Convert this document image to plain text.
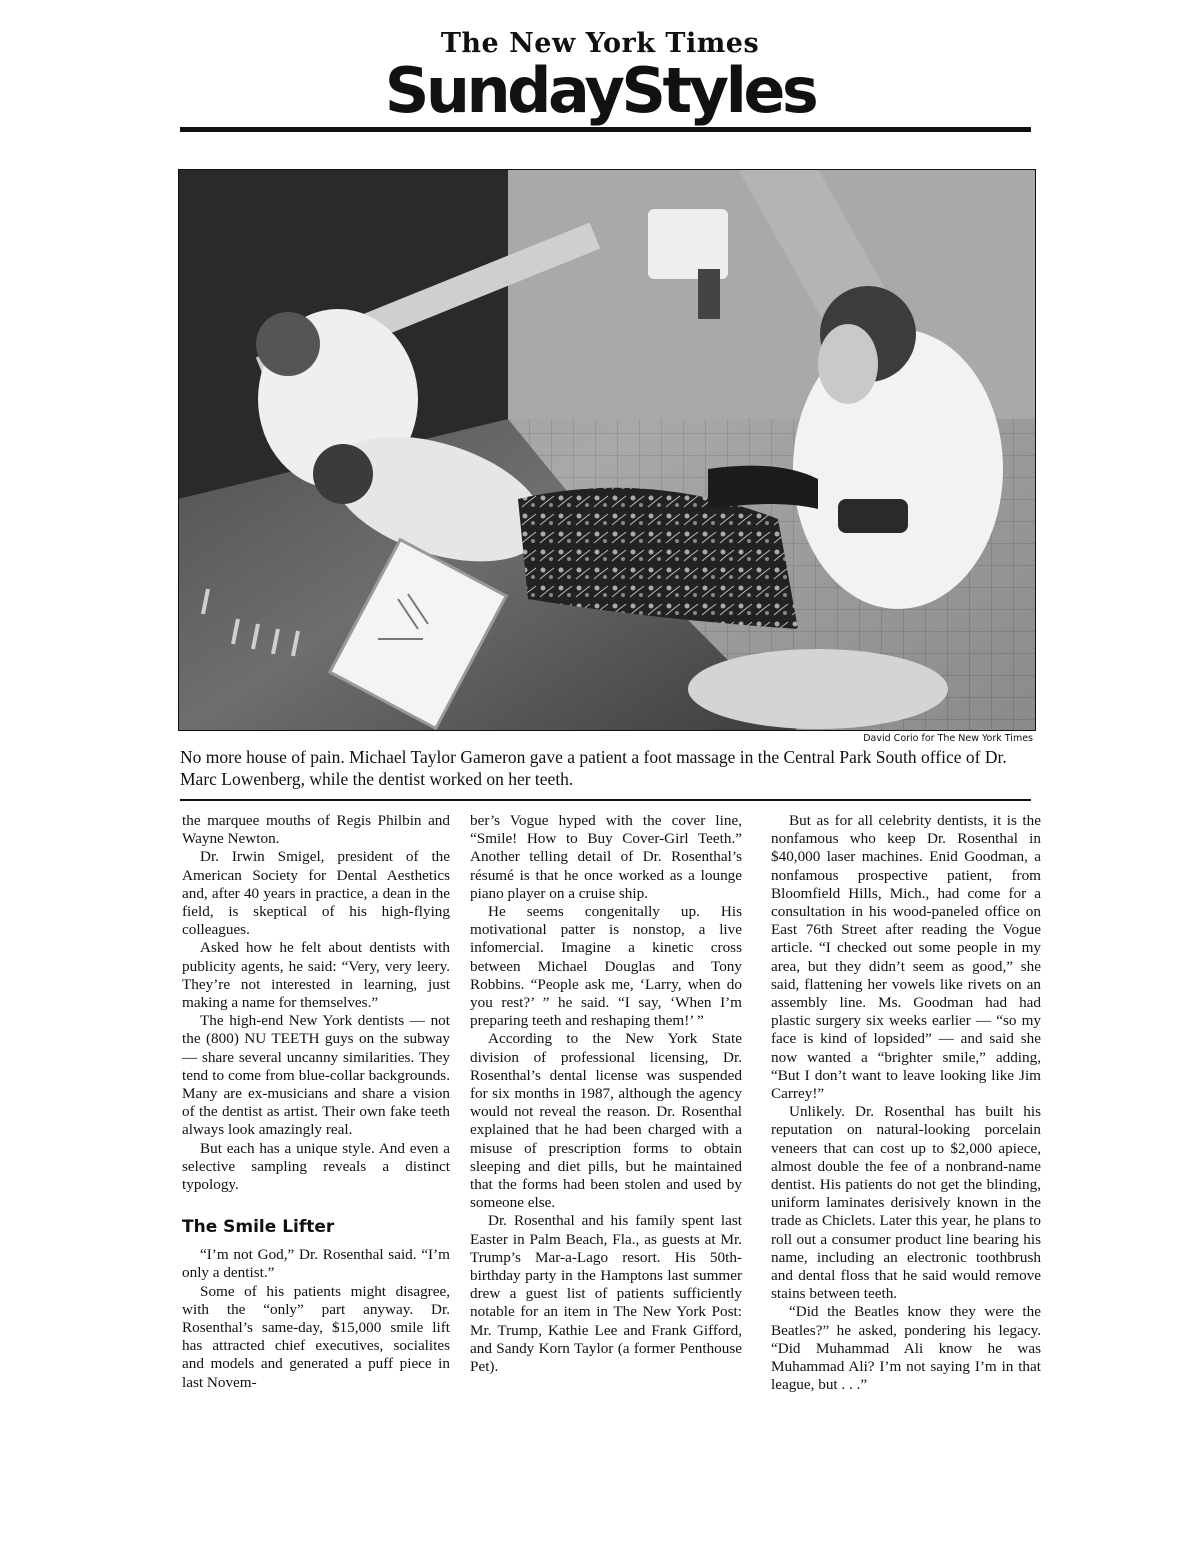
The New York Times
SundayStyles
David Corio for The New York Times
No more house of pain. Michael Taylor Gameron gave a patient a foot massage in the Central Park South office of Dr. Marc Lowenberg, while the dentist worked on her teeth.

the marquee mouths of Regis Philbin and Wayne Newton.

Dr. Irwin Smigel, president of the American Society for Dental Aesthetics and, after 40 years in practice, a dean in the field, is skeptical of his high-flying colleagues.

Asked how he felt about dentists with publicity agents, he said: “Very, very leery. They’re not interested in learning, just making a name for themselves.”

The high-end New York dentists — not the (800) NU TEETH guys on the subway — share several uncanny similarities. They tend to come from blue-collar backgrounds. Many are ex-musicians and share a vision of the dentist as artist. Their own fake teeth always look amazingly real.

But each has a unique style. And even a selective sampling reveals a distinct typology.

The Smile Lifter

“I’m not God,” Dr. Rosenthal said. “I’m only a dentist.”

Some of his patients might disagree, with the “only” part anyway. Dr. Rosenthal’s same-day, $15,000 smile lift has attracted chief executives, socialites and models and generated a puff piece in last Novem-

ber’s Vogue hyped with the cover line, “Smile! How to Buy Cover-Girl Teeth.” Another telling detail of Dr. Rosenthal’s résumé is that he once worked as a lounge piano player on a cruise ship.

He seems congenitally up. His motivational patter is nonstop, a live infomercial. Imagine a kinetic cross between Michael Douglas and Tony Robbins. “People ask me, ‘Larry, when do you rest?’ ” he said. “I say, ‘When I’m preparing teeth and reshaping them!’ ”

According to the New York State division of professional licensing, Dr. Rosenthal’s dental license was suspended for six months in 1987, although the agency would not reveal the reason. Dr. Rosenthal explained that he had been charged with a misuse of prescription forms to obtain sleeping and diet pills, but he maintained that the forms had been stolen and used by someone else.

Dr. Rosenthal and his family spent last Easter in Palm Beach, Fla., as guests at Mr. Trump’s Mar-a-Lago resort. His 50th-birthday party in the Hamptons last summer drew a guest list of patients sufficiently notable for an item in The New York Post: Mr. Trump, Kathie Lee and Frank Gifford, and Sandy Korn Taylor (a former Penthouse Pet).

But as for all celebrity dentists, it is the nonfamous who keep Dr. Rosenthal in $40,000 laser machines. Enid Goodman, a nonfamous prospective patient, from Bloomfield Hills, Mich., had come for a consultation in his wood-paneled office on East 76th Street after reading the Vogue article. “I checked out some people in my area, but they didn’t seem as good,” she said, flattening her vowels like rivets on an assembly line. Ms. Goodman had had plastic surgery six weeks earlier — “so my face is kind of lopsided” — and said she now wanted a “brighter smile,” adding, “But I don’t want to leave looking like Jim Carrey!”

Unlikely. Dr. Rosenthal has built his reputation on natural-looking porcelain veneers that can cost up to $2,000 apiece, almost double the fee of a nonbrand-name dentist. His patients do not get the blinding, uniform laminates derisively known in the trade as Chiclets. Later this year, he plans to roll out a consumer product line bearing his name, including an electronic toothbrush and dental floss that he said would remove stains between teeth.

“Did the Beatles know they were the Beatles?” he asked, pondering his legacy. “Did Muhammad Ali know he was Muhammad Ali? I’m not saying I’m in that league, but . . .”
